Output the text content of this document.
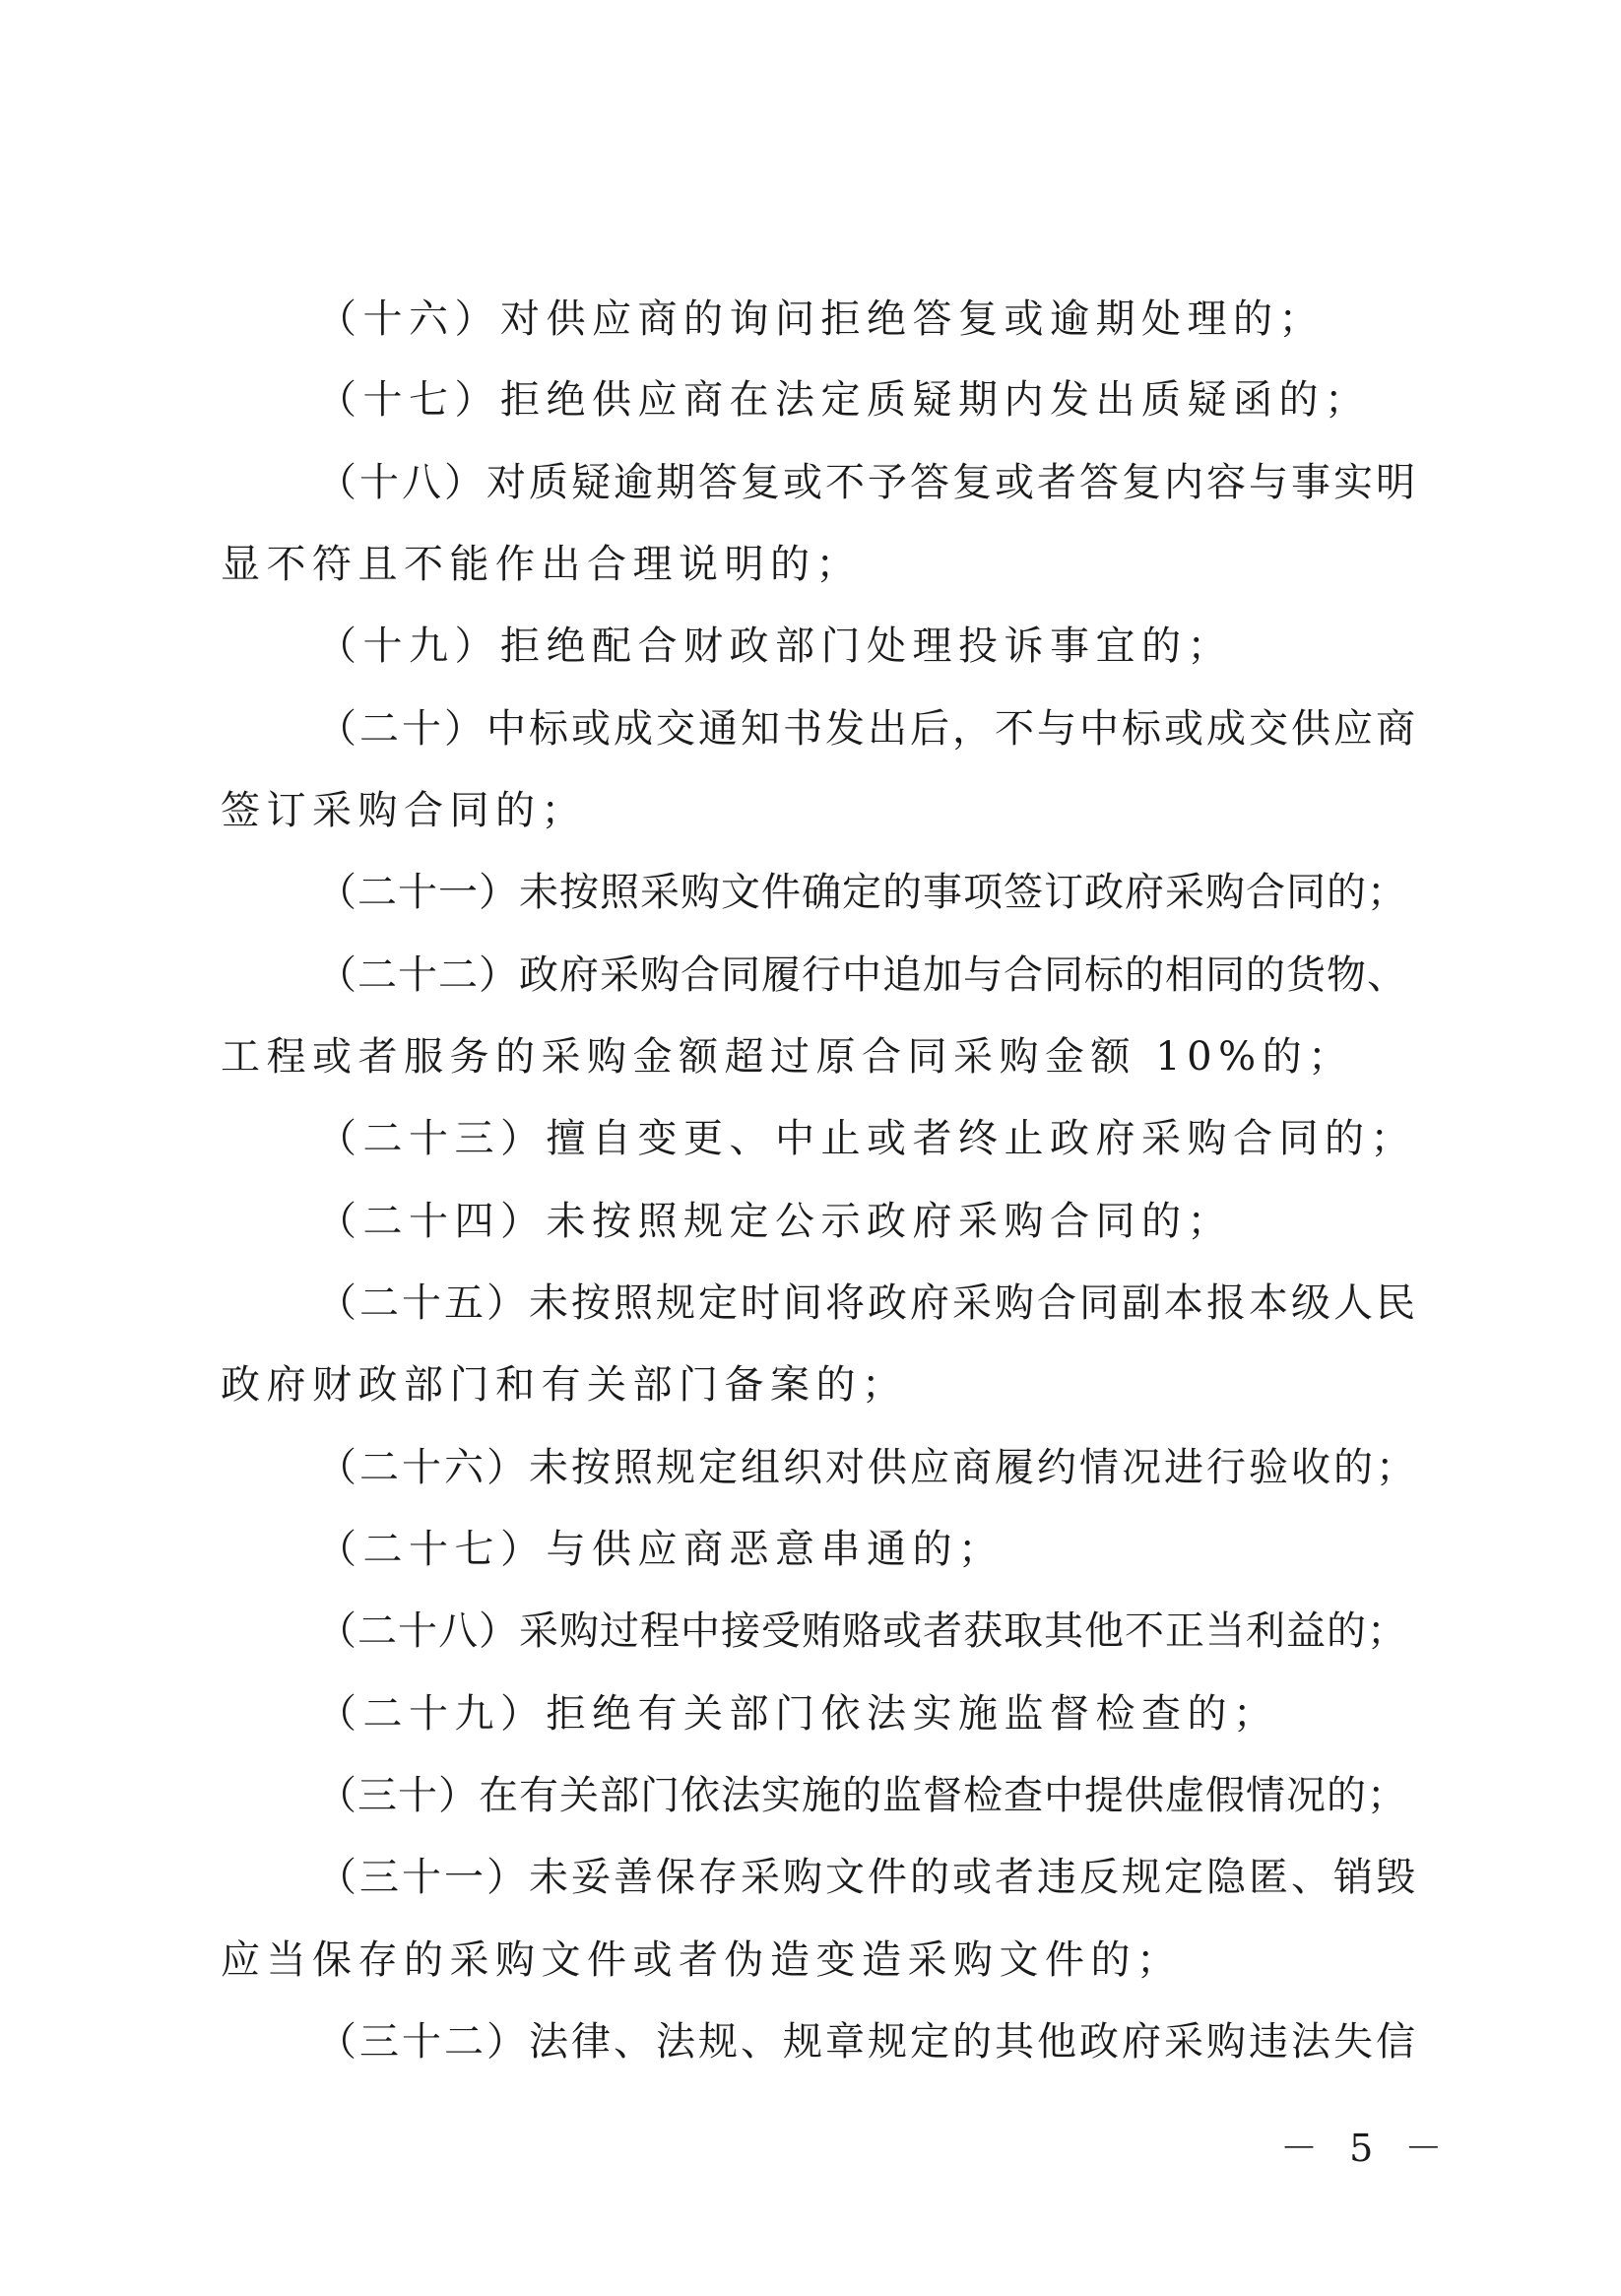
（十六）对供应商的询问拒绝答复或逾期处理的；
（十七）拒绝供应商在法定质疑期内发出质疑函的；
（十八）对质疑逾期答复或不予答复或者答复内容与事实明
显不符且不能作出合理说明的；
（十九）拒绝配合财政部门处理投诉事宜的；
（二十）中标或成交通知书发出后，不与中标或成交供应商
签订采购合同的；
（二十一）未按照采购文件确定的事项签订政府采购合同的；
（二十二）政府采购合同履行中追加与合同标的相同的货物、
工程或者服务的采购金额超过原合同采购金额 10%的；
（二十三）擅自变更、中止或者终止政府采购合同的；
（二十四）未按照规定公示政府采购合同的；
（二十五）未按照规定时间将政府采购合同副本报本级人民
政府财政部门和有关部门备案的；
（二十六）未按照规定组织对供应商履约情况进行验收的；
（二十七）与供应商恶意串通的；
（二十八）采购过程中接受贿赂或者获取其他不正当利益的；
（二十九）拒绝有关部门依法实施监督检查的；
（三十）在有关部门依法实施的监督检查中提供虚假情况的；
（三十一）未妥善保存采购文件的或者违反规定隐匿、销毁
应当保存的采购文件或者伪造变造采购文件的；
（三十二）法律、法规、规章规定的其他政府采购违法失信
－ 5 －
